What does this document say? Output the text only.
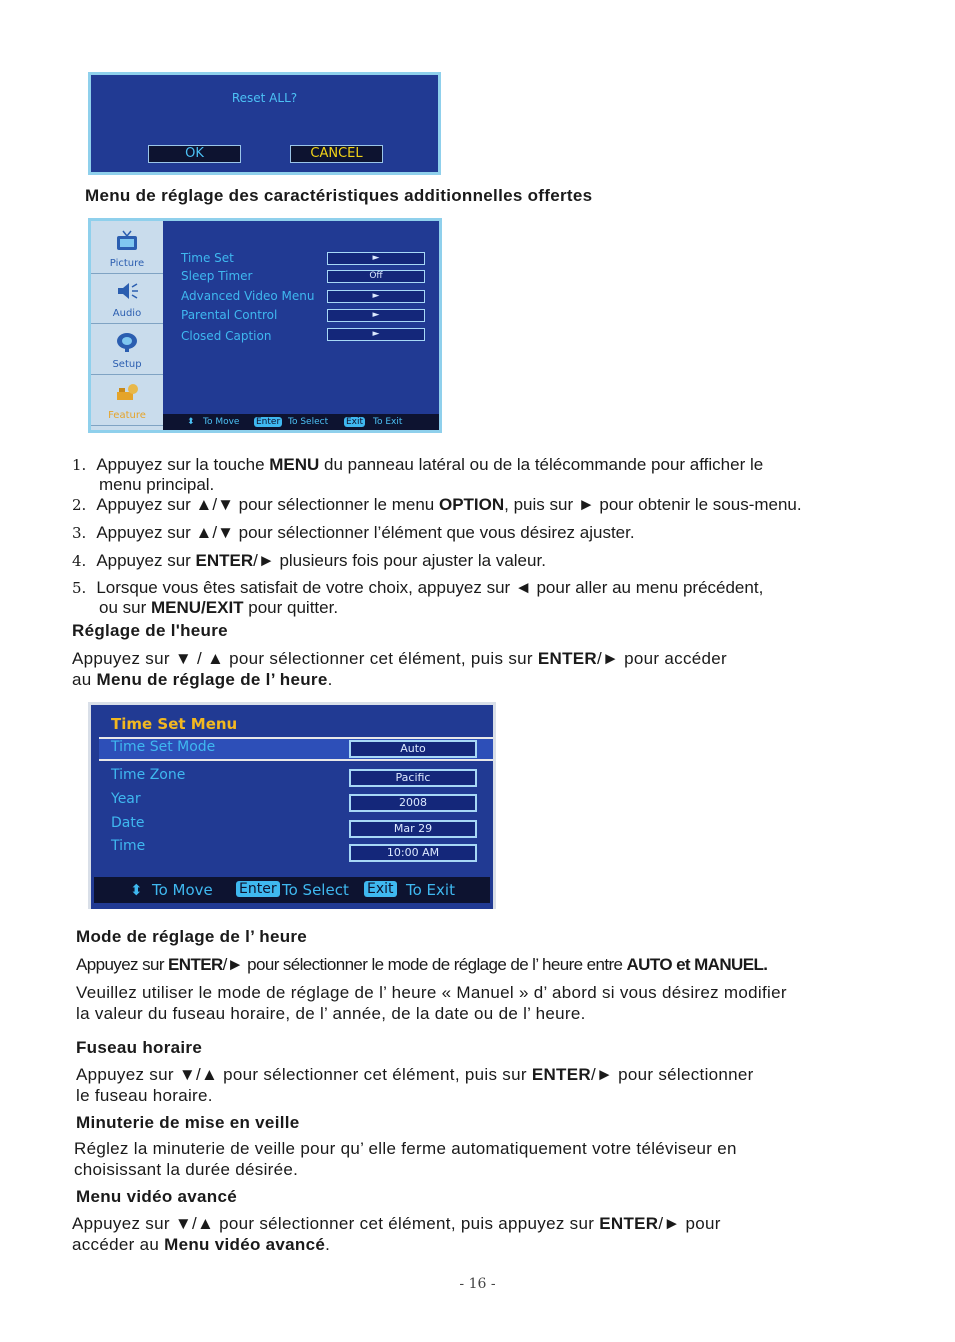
Reset ALL?
OK	CANCEL
Menu de réglage des caractéristiques additionnelles offertes
Picture
Audio
Setup
Feature
Time Set	►
Sleep Timer	Off
Advanced Video Menu	►
Parental Control	►
Closed Caption	►
⬍ To Move Enter To Select Exit To Exit
1. Appuyez sur la touche MENU du panneau latéral ou de la télécommande pour afficher le
menu principal.
2. Appuyez sur ▲/▼ pour sélectionner le menu OPTION, puis sur ► pour obtenir le sous-menu.
3. Appuyez sur ▲/▼ pour sélectionner l’élément que vous désirez ajuster.
4. Appuyez sur ENTER/► plusieurs fois pour ajuster la valeur.
5. Lorsque vous êtes satisfait de votre choix, appuyez sur ◄ pour aller au menu précédent,
ou sur MENU/EXIT pour quitter.
Réglage de l'heure
Appuyez sur ▼ / ▲ pour sélectionner cet élément, puis sur ENTER/► pour accéder
au Menu de réglage de l’ heure.
Time Set Menu
Time Set Mode	Auto
Time Zone	Pacific
Year	2008
Date	Mar 29
Time	10:00 AM
⬍ To Move Enter To Select Exit To Exit
Mode de réglage de l’ heure
Appuyez sur ENTER/► pour sélectionner le mode de réglage de l’ heure entre AUTO et MANUEL.
Veuillez utiliser le mode de réglage de l’ heure « Manuel » d’ abord si vous désirez modifier
la valeur du fuseau horaire, de l’ année, de la date ou de l’ heure.
Fuseau horaire
Appuyez sur ▼/▲ pour sélectionner cet élément, puis sur ENTER/► pour sélectionner
le fuseau horaire.
Minuterie de mise en veille
Réglez la minuterie de veille pour qu’ elle ferme automatiquement votre téléviseur en
choisissant la durée désirée.
Menu vidéo avancé
Appuyez sur ▼/▲ pour sélectionner cet élément, puis appuyez sur ENTER/► pour
accéder au Menu vidéo avancé.
- 16 -
